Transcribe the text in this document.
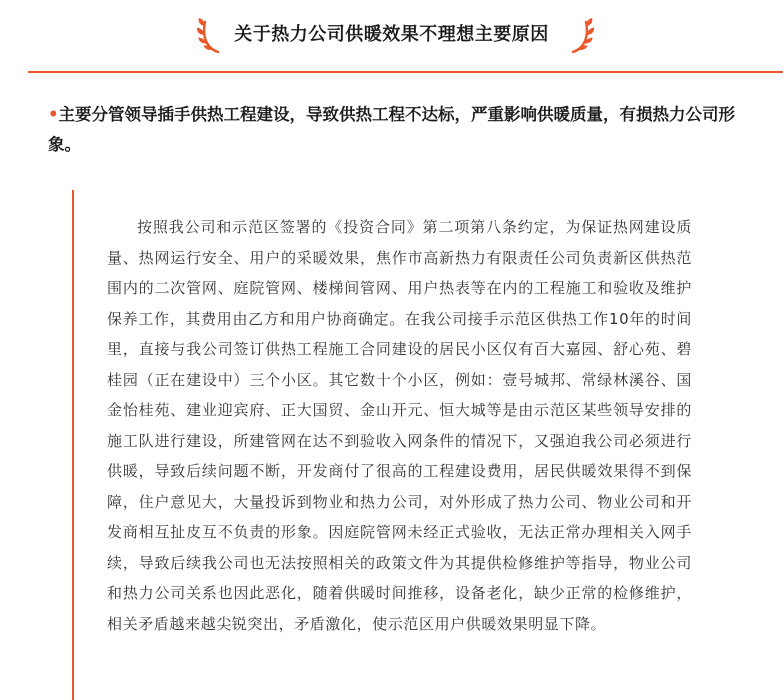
关于热力公司供暖效果不理想主要原因
•主要分管领导插手供热工程建设，导致供热工程不达标，严重影响供暖质量，有损热力公司形象。
按照我公司和示范区签署的《投资合同》第二项第八条约定，为保证热网建设质量、热网运行安全、用户的采暖效果，焦作市高新热力有限责任公司负责新区供热范围内的二次管网、庭院管网、楼梯间管网、用户热表等在内的工程施工和验收及维护保养工作，其费用由乙方和用户协商确定。在我公司接手示范区供热工作10年的时间里，直接与我公司签订供热工程施工合同建设的居民小区仅有百大嘉园、舒心苑、碧桂园（正在建设中）三个小区。其它数十个小区，例如：壹号城邦、常绿林溪谷、国金怡桂苑、建业迎宾府、正大国贸、金山开元、恒大城等是由示范区某些领导安排的施工队进行建设，所建管网在达不到验收入网条件的情况下，又强迫我公司必须进行供暖，导致后续问题不断，开发商付了很高的工程建设费用，居民供暖效果得不到保障，住户意见大，大量投诉到物业和热力公司，对外形成了热力公司、物业公司和开发商相互扯皮互不负责的形象。因庭院管网未经正式验收，无法正常办理相关入网手续，导致后续我公司也无法按照相关的政策文件为其提供检修维护等指导，物业公司和热力公司关系也因此恶化，随着供暖时间推移，设备老化，缺少正常的检修维护，相关矛盾越来越尖锐突出，矛盾激化，使示范区用户供暖效果明显下降。
